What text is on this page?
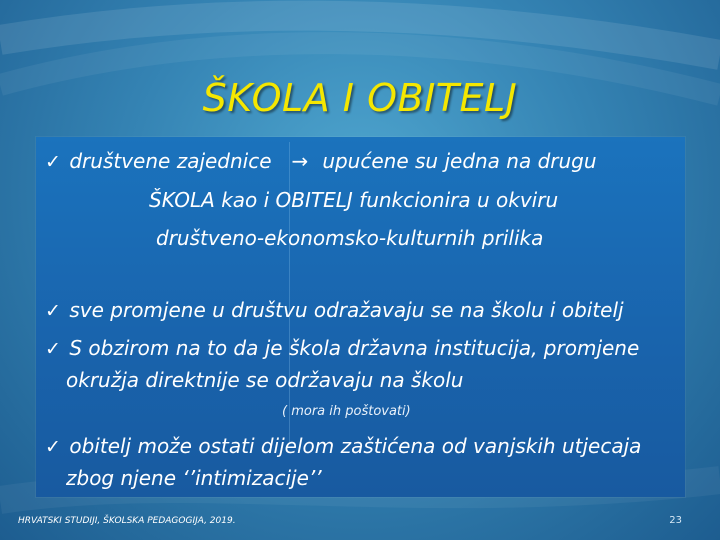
ŠKOLA I OBITELJ
✓ društvene zajednice → upućene su jedna na drugu
ŠKOLA kao i OBITELJ funkcionira u okviru
društveno-ekonomsko-kulturnih prilika
✓ sve promjene u društvu odražavaju se na školu i obitelj
✓ S obzirom na to da je škola državna institucija, promjene
okružja direktnije se održavaju na školu
( mora ih poštovati)
✓ obitelj može ostati dijelom zaštićena od vanjskih utjecaja
zbog njene ‘’intimizacije’’
HRVATSKI STUDIJI, ŠKOLSKA PEDAGOGIJA, 2019.	23
